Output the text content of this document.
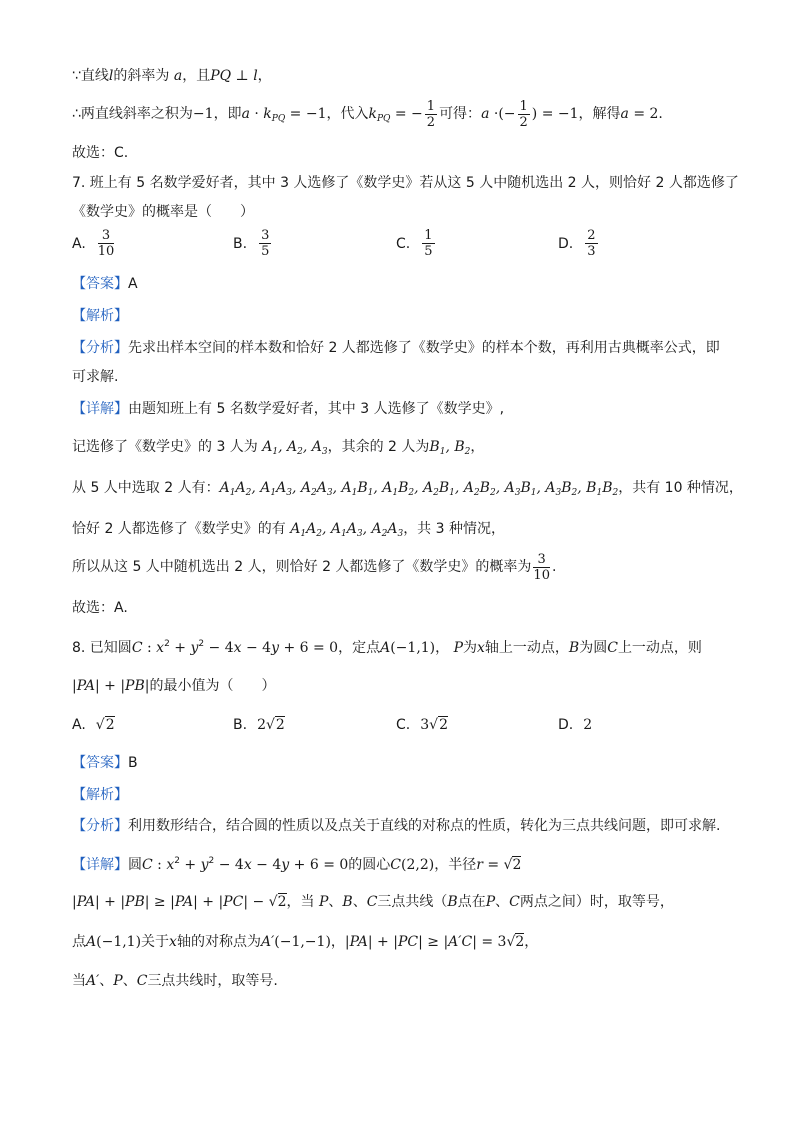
∵直线l的斜率为 a，且PQ ⊥ l，
∴两直线斜率之积为−1，即$a \cdot k_{PQ} = -1$，代入$k_{PQ}$ = − $\frac{1}{2}$ 可得：a ·(− $\frac{1}{2}$ ) = −1，解得a = 2.
故选：C.
7. 班上有 5 名数学爱好者，其中 3 人选修了《数学史》若从这 5 人中随机选出 2 人，则恰好 2 人都选修了
《数学史》的概率是（　　）
A. $\frac{3}{10}$	B. $\frac{3}{5}$	C. $\frac{1}{5}$	D. $\frac{2}{3}$
【答案】A
【解析】
【分析】先求出样本空间的样本数和恰好 2 人都选修了《数学史》的样本个数，再利用古典概率公式，即
可求解.
【详解】由题知班上有 5 名数学爱好者，其中 3 人选修了《数学史》,
记选修了《数学史》的 3 人为 $A_1$, $A_2$, $A_3$，其余的 2 人为$B_1$, $B_2$，
从 5 人中选取 2 人有：$A_1A_2$, $A_1A_3$, $A_2A_3$, $A_1B_1$, $A_1B_2$, $A_2B_1$, $A_2B_2$, $A_3B_1$, $A_3B_2$, $B_1B_2$，共有 10 种情况，
恰好 2 人都选修了《数学史》的有 $A_1A_2$, $A_1A_3$, $A_2A_3$，共 3 种情况，
所以从这 5 人中随机选出 2 人，则恰好 2 人都选修了《数学史》的概率为 $\frac{3}{10}$ .
故选：A.
8. 已知圆C : $x^2 + y^2 - 4x - 4y + 6 = 0$，定点A(−1,1)， P为x轴上一动点，B为圆C上一动点，则
|PA| + |PB|的最小值为（　　）
A. √2	B. 2√2	C. 3√2	D. 2
【答案】B
【解析】
【分析】利用数形结合，结合圆的性质以及点关于直线的对称点的性质，转化为三点共线问题，即可求解.
【详解】圆C : $x^2 + y^2 - 4x - 4y + 6 = 0$的圆心C(2,2)，半径r = √2
|PA| + |PB| ≥ |PA| + |PC| − √2，当 P、B、C三点共线（B点在P、C两点之间）时，取等号，
点A(−1,1)关于x轴的对称点为A′(−1,−1)，|PA| + |PC| ≥ |A′C| = 3√2，
当A′、P、C三点共线时，取等号.
